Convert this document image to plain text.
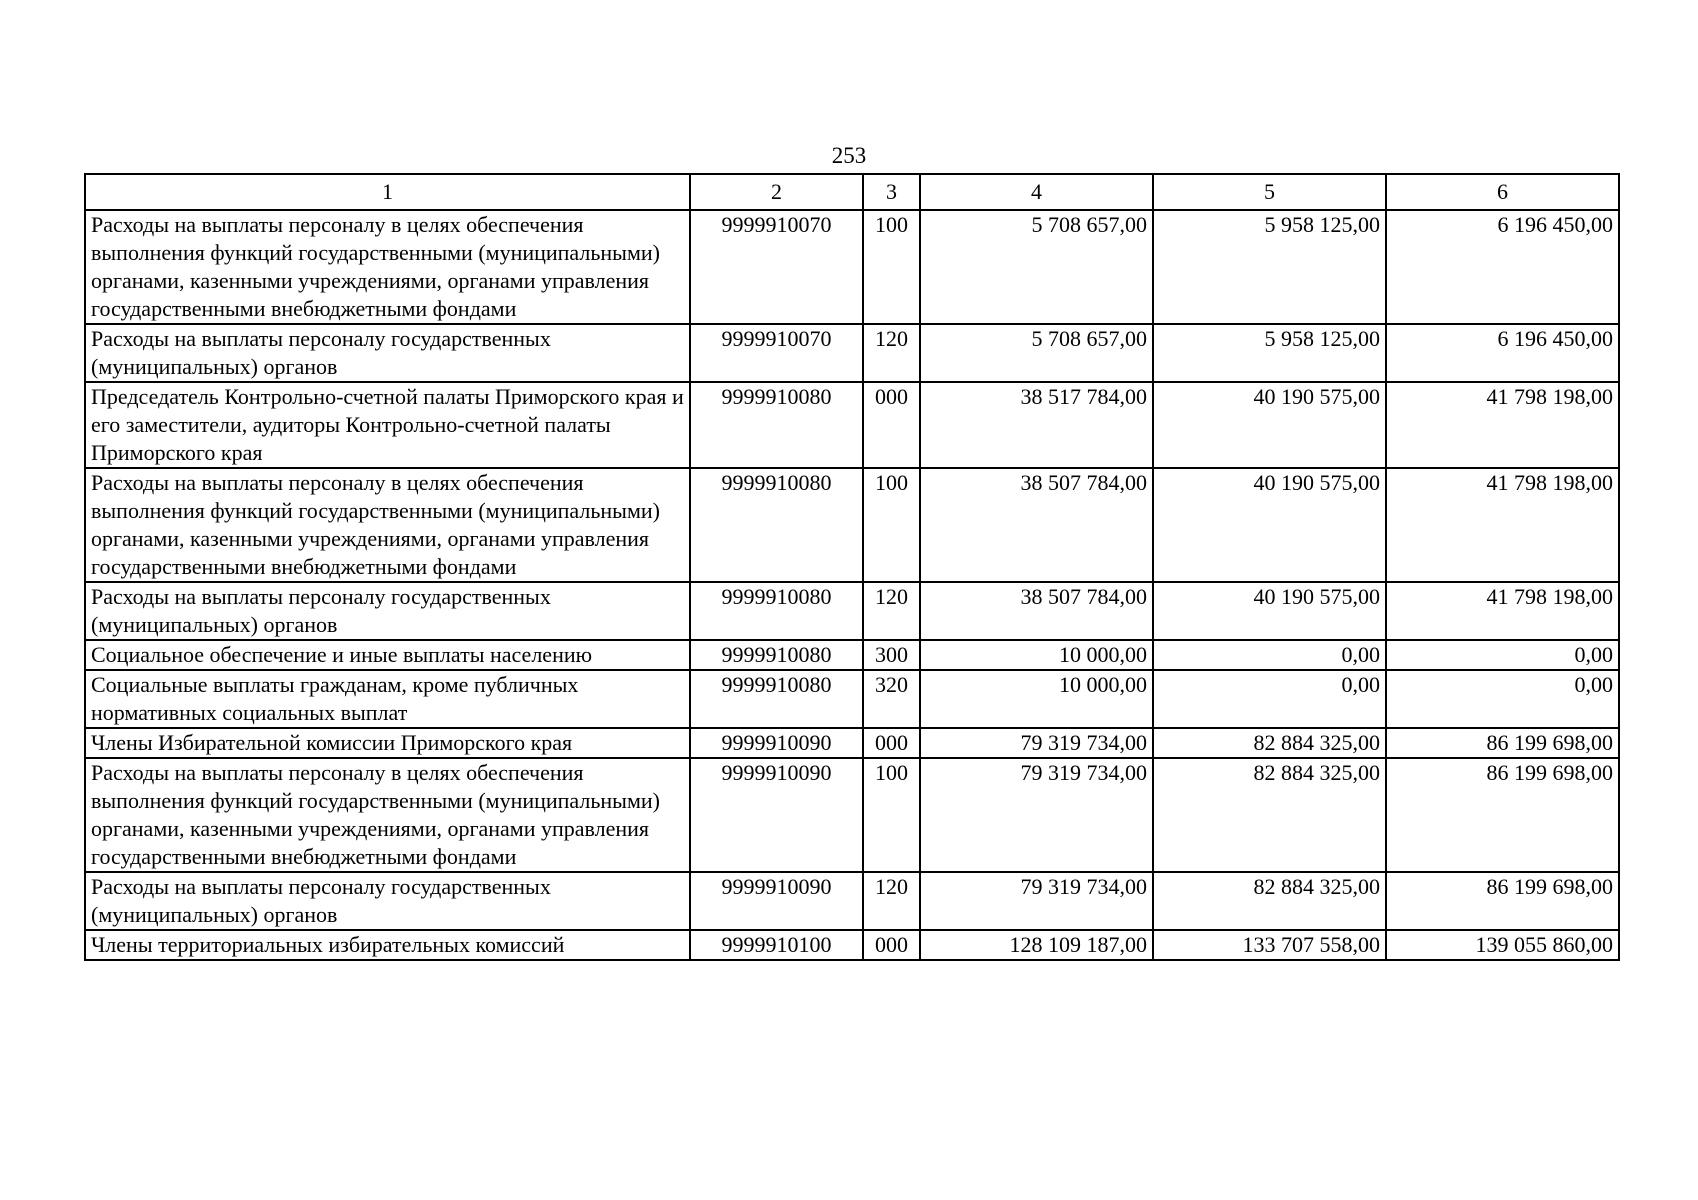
253
1	2	3	4	5	6
Расходы на выплаты персоналу в целях обеспечения выполнения функций государственными (муниципальными) органами, казенными учреждениями, органами управления государственными внебюджетными фондами	9999910070	100	5 708 657,00	5 958 125,00	6 196 450,00
Расходы на выплаты персоналу государственных (муниципальных) органов	9999910070	120	5 708 657,00	5 958 125,00	6 196 450,00
Председатель Контрольно-счетной палаты Приморского края и его заместители, аудиторы Контрольно-счетной палаты Приморского края	9999910080	000	38 517 784,00	40 190 575,00	41 798 198,00
Расходы на выплаты персоналу в целях обеспечения выполнения функций государственными (муниципальными) органами, казенными учреждениями, органами управления государственными внебюджетными фондами	9999910080	100	38 507 784,00	40 190 575,00	41 798 198,00
Расходы на выплаты персоналу государственных (муниципальных) органов	9999910080	120	38 507 784,00	40 190 575,00	41 798 198,00
Социальное обеспечение и иные выплаты населению	9999910080	300	10 000,00	0,00	0,00
Социальные выплаты гражданам, кроме публичных нормативных социальных выплат	9999910080	320	10 000,00	0,00	0,00
Члены Избирательной комиссии Приморского края	9999910090	000	79 319 734,00	82 884 325,00	86 199 698,00
Расходы на выплаты персоналу в целях обеспечения выполнения функций государственными (муниципальными) органами, казенными учреждениями, органами управления государственными внебюджетными фондами	9999910090	100	79 319 734,00	82 884 325,00	86 199 698,00
Расходы на выплаты персоналу государственных (муниципальных) органов	9999910090	120	79 319 734,00	82 884 325,00	86 199 698,00
Члены территориальных избирательных комиссий	9999910100	000	128 109 187,00	133 707 558,00	139 055 860,00
